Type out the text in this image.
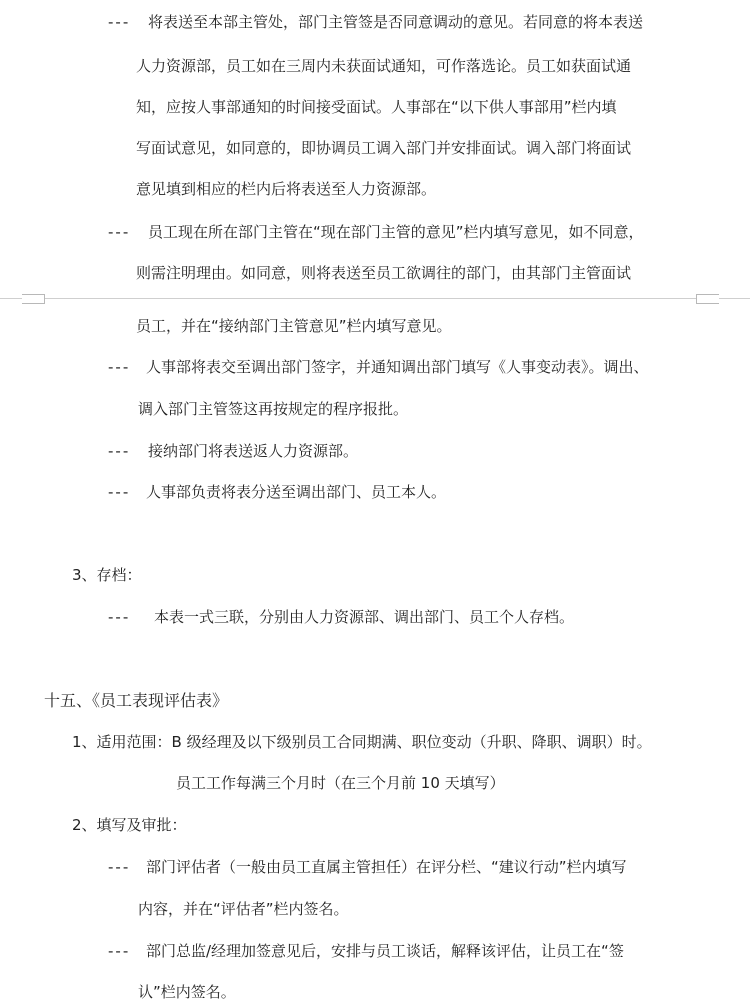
--- 将表送至本部主管处，部门主管签是否同意调动的意见。若同意的将本表送
人力资源部，员工如在三周内未获面试通知，可作落选论。员工如获面试通
知，应按人事部通知的时间接受面试。人事部在“以下供人事部用”栏内填
写面试意见，如同意的，即协调员工调入部门并安排面试。调入部门将面试
意见填到相应的栏内后将表送至人力资源部。
--- 员工现在所在部门主管在“现在部门主管的意见”栏内填写意见，如不同意，
则需注明理由。如同意，则将表送至员工欲调往的部门，由其部门主管面试
员工，并在“接纳部门主管意见”栏内填写意见。
--- 人事部将表交至调出部门签字，并通知调出部门填写《人事变动表》。调出、
调入部门主管签这再按规定的程序报批。
--- 接纳部门将表送返人力资源部。
--- 人事部负责将表分送至调出部门、员工本人。
3、存档：
--- 本表一式三联，分别由人力资源部、调出部门、员工个人存档。
十五、《员工表现评估表》
1、适用范围：B 级经理及以下级别员工合同期满、职位变动（升职、降职、调职）时。
员工工作每满三个月时（在三个月前 10 天填写）
2、填写及审批：
--- 部门评估者（一般由员工直属主管担任）在评分栏、“建议行动”栏内填写
内容，并在“评估者”栏内签名。
--- 部门总监/经理加签意见后，安排与员工谈话，解释该评估，让员工在“签
认”栏内签名。
